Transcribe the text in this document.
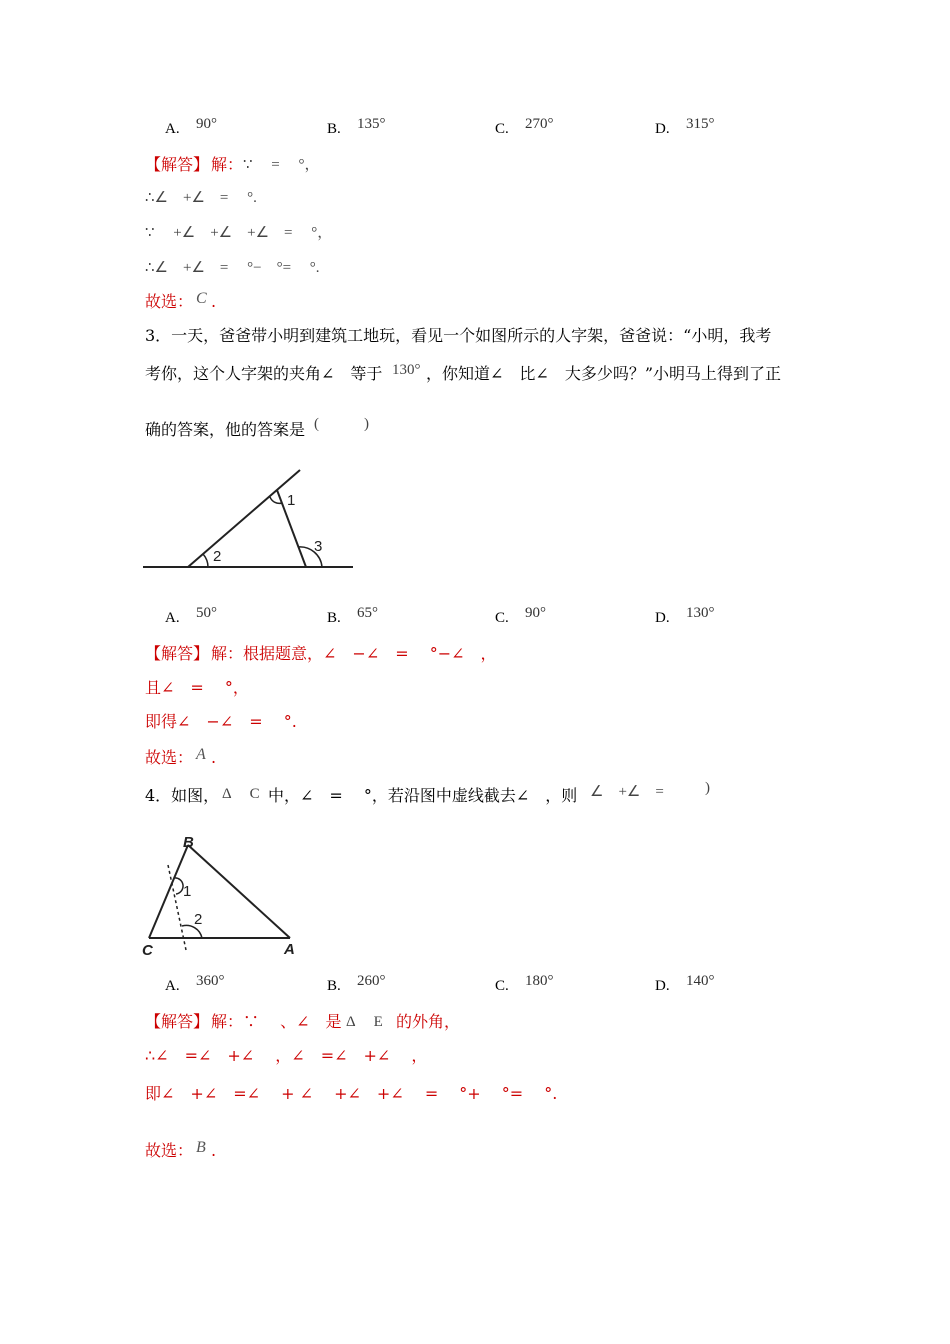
A. 90°	B. 135°	C. 270°	D. 315°
【解答】 解： ∵　 =　 °，
∴∠　+∠　=　 °.
∵　 +∠　+∠　+∠　=　 °，
∴∠　+∠　=　 °−　°=　 °.
故选： C .
3．一天，爸爸带小明到建筑工地玩，看见一个如图所示的人字架，爸爸说：“小明，我考
考你，这个人字架的夹角∠　等于 130° ，你知道∠　比∠　大多少吗？”小明马上得到了正
确的答案，他的答案是 (　　　)
1
2
3
A. 50°	B. 65°	C. 90°	D. 130°
【解答】 解：根据题意，∠　−∠　=　 °−∠　，
且∠　=　 °，
即得∠　−∠　=　 °.
故选： A .
4．如图， Δ　 C 中，∠　=　 °，若沿图中虚线截去∠　，则 ∠　+∠　=	)
B
C	A
1
2
A. 360°	B. 260°	C. 180°	D. 140°
【解答】 解：∵　 、∠　是 Δ　 E 的外角，
∴∠　=∠　+∠　 ，∠　=∠　+∠　 ，
即∠　+∠　=∠　 + ∠　 +∠　+∠　 =　 °+　 °=　 °.
故选： B .
